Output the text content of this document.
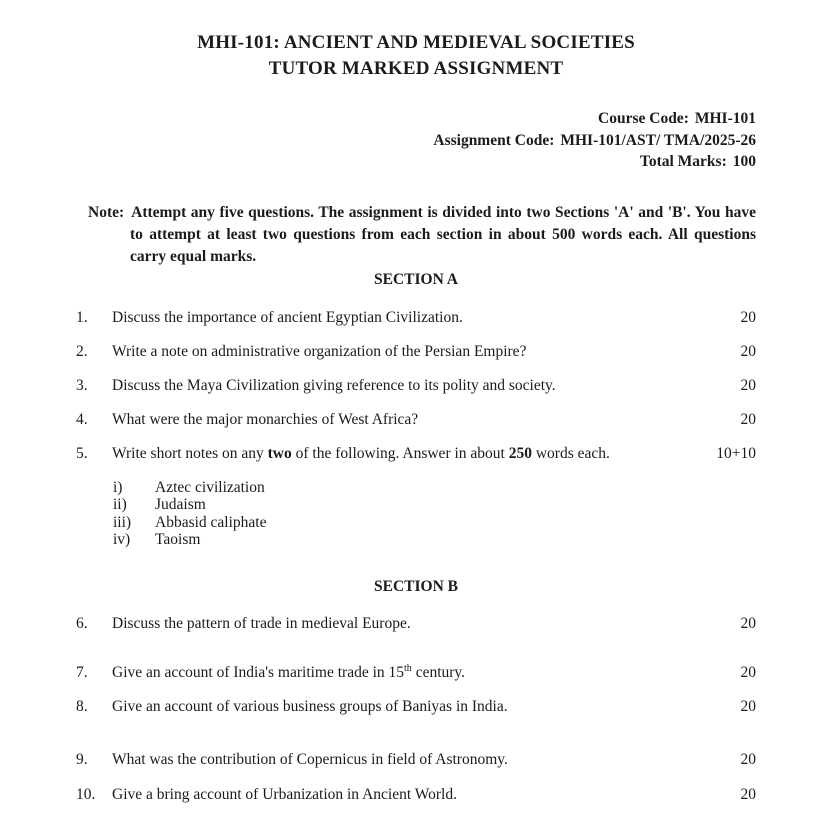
MHI-101: ANCIENT AND MEDIEVAL SOCIETIES
TUTOR MARKED ASSIGNMENT
Course Code: MHI-101
Assignment Code: MHI-101/AST/ TMA/2025-26
Total Marks: 100
Note: Attempt any five questions. The assignment is divided into two Sections 'A' and 'B'. You have to attempt at least two questions from each section in about 500 words each. All questions carry equal marks.
SECTION A
1.	Discuss the importance of ancient Egyptian Civilization.	20
2.	Write a note on administrative organization of the Persian Empire?	20
3.	Discuss the Maya Civilization giving reference to its polity and society.	20
4.	What were the major monarchies of West Africa?	20
5.	Write short notes on any two of the following. Answer in about 250 words each.	10+10
i)	Aztec civilization
ii)	Judaism
iii)	Abbasid caliphate
iv)	Taoism
SECTION B
6.	Discuss the pattern of trade in medieval Europe.	20
7.	Give an account of India's maritime trade in 15th century.	20
8.	Give an account of various business groups of Baniyas in India.	20
9.	What was the contribution of Copernicus in field of Astronomy.	20
10.	Give a bring account of Urbanization in Ancient World.	20
